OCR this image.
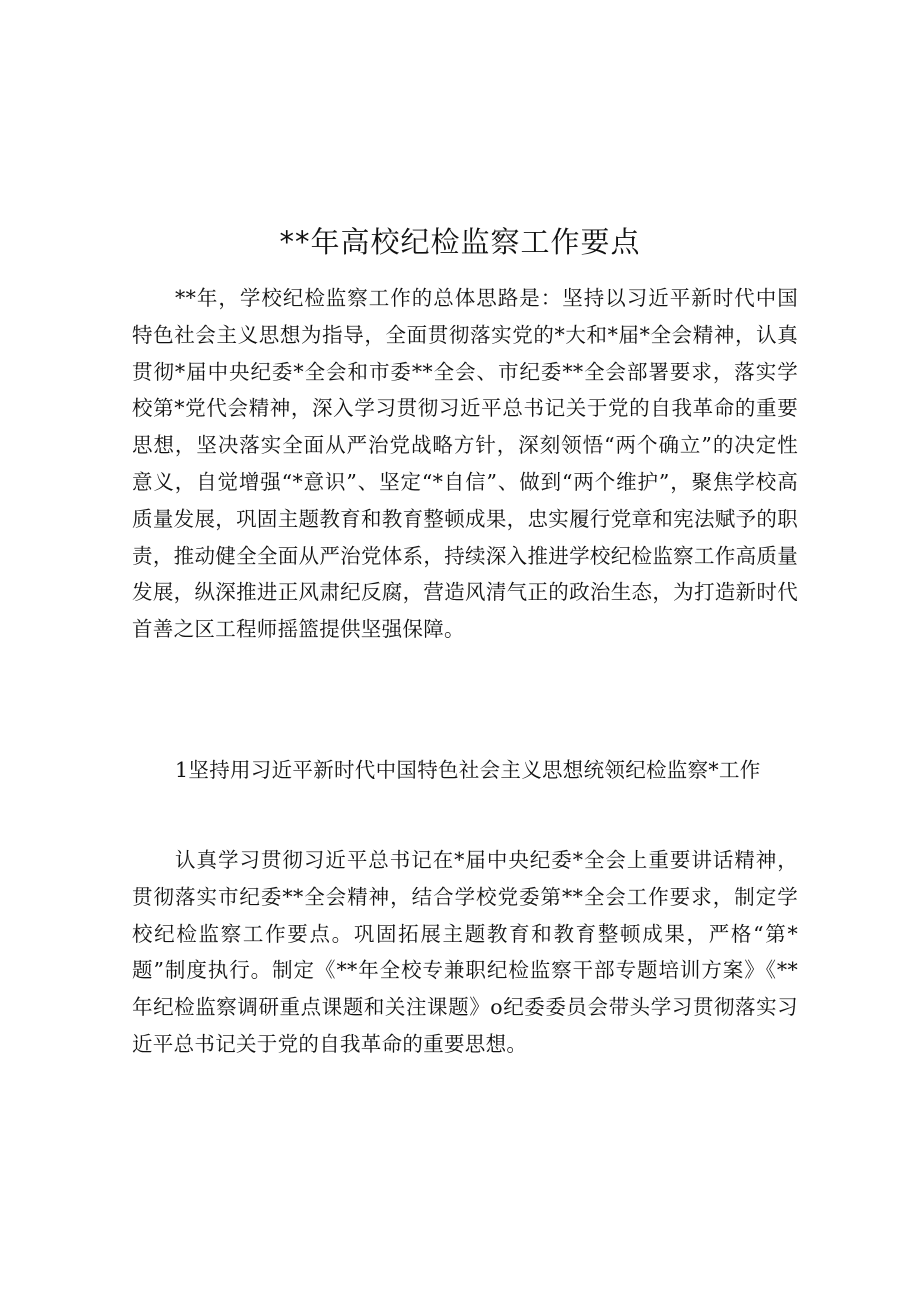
**年高校纪检监察工作要点

**年，学校纪检监察工作的总体思路是：坚持以习近平新时代中国特色社会主义思想为指导，全面贯彻落实党的*大和*届*全会精神，认真贯彻*届中央纪委*全会和市委**全会、市纪委**全会部署要求，落实学校第*党代会精神，深入学习贯彻习近平总书记关于党的自我革命的重要思想，坚决落实全面从严治党战略方针，深刻领悟“两个确立”的决定性意义，自觉增强“*意识”、坚定“*自信”、做到“两个维护”，聚焦学校高质量发展，巩固主题教育和教育整顿成果，忠实履行党章和宪法赋予的职责，推动健全全面从严治党体系，持续深入推进学校纪检监察工作高质量发展，纵深推进正风肃纪反腐，营造风清气正的政治生态，为打造新时代首善之区工程师摇篮提供坚强保障。

1坚持用习近平新时代中国特色社会主义思想统领纪检监察*工作

认真学习贯彻习近平总书记在*届中央纪委*全会上重要讲话精神，贯彻落实市纪委**全会精神，结合学校党委第**全会工作要求，制定学校纪检监察工作要点。巩固拓展主题教育和教育整顿成果，严格“第*题”制度执行。制定《**年全校专兼职纪检监察干部专题培训方案》《**年纪检监察调研重点课题和关注课题》o纪委委员会带头学习贯彻落实习近平总书记关于党的自我革命的重要思想。
